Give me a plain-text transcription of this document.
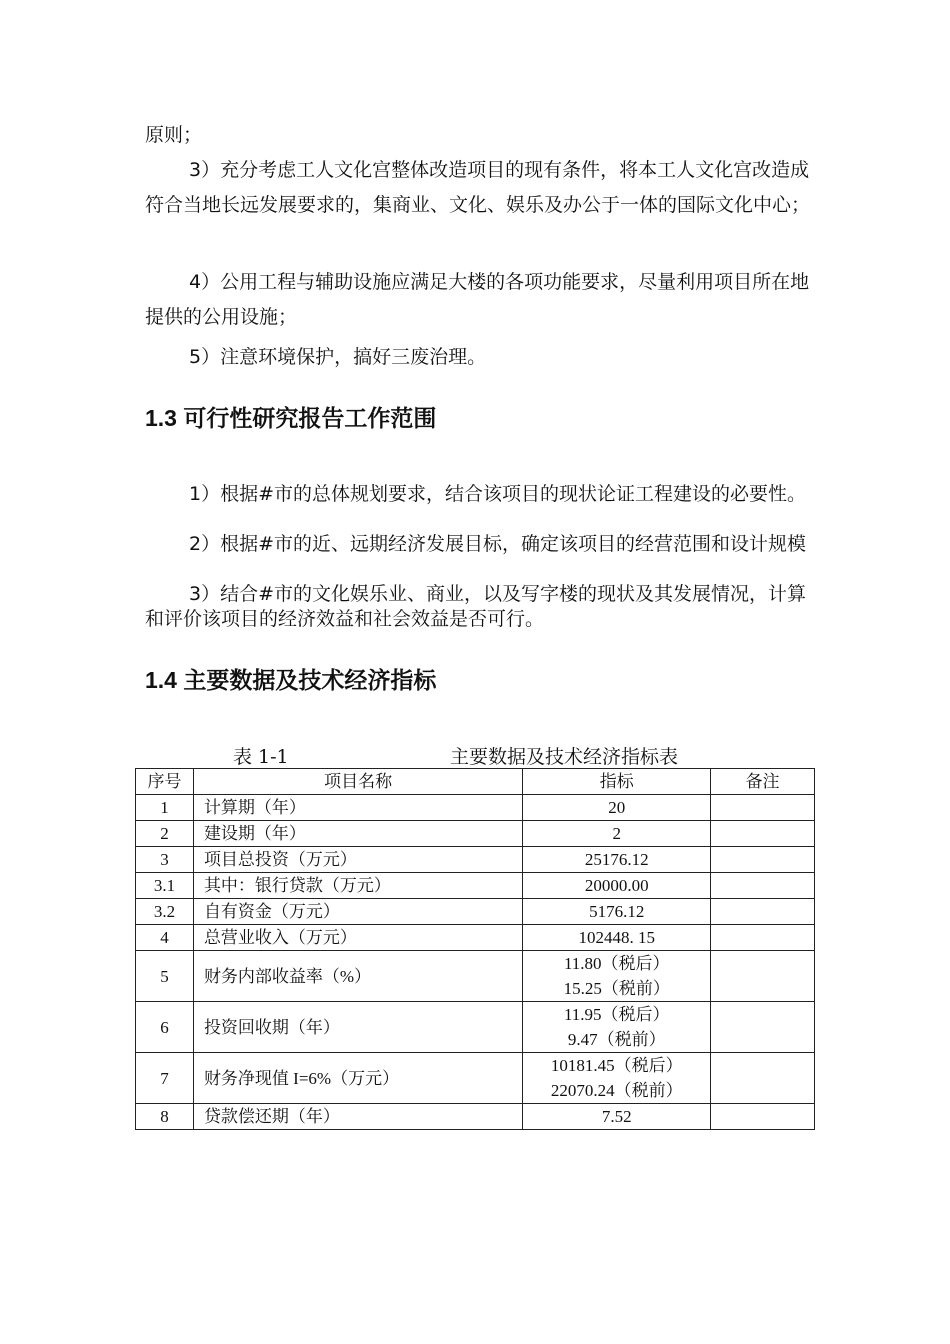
原则；

3）充分考虑工人文化宫整体改造项目的现有条件，将本工人文化宫改造成符合当地长远发展要求的，集商业、文化、娱乐及办公于一体的国际文化中心；

4）公用工程与辅助设施应满足大楼的各项功能要求，尽量利用项目所在地提供的公用设施；

5）注意环境保护，搞好三废治理。

1.3 可行性研究报告工作范围

1）根据#市的总体规划要求，结合该项目的现状论证工程建设的必要性。

2）根据#市的近、远期经济发展目标，确定该项目的经营范围和设计规模

3）结合#市的文化娱乐业、商业，以及写字楼的现状及其发展情况，计算和评价该项目的经济效益和社会效益是否可行。

1.4 主要数据及技术经济指标
表 1-1	主要数据及技术经济指标表
序号	项目名称	指标	备注
1	计算期（年）	20	
2	建设期（年）	2	
3	项目总投资（万元）	25176.12	
3.1	其中：银行贷款（万元）	20000.00	
3.2	自有资金（万元）	5176.12	
4	总营业收入（万元）	102448. 15	
5	财务内部收益率（%）	11.80（税后）
15.25（税前）	

6	投资回收期（年）	11.95（税后）
9.47（税前）	

7	财务净现值 I=6%（万元）	10181.45（税后）
22070.24（税前）	

8	贷款偿还期（年）	7.52	
